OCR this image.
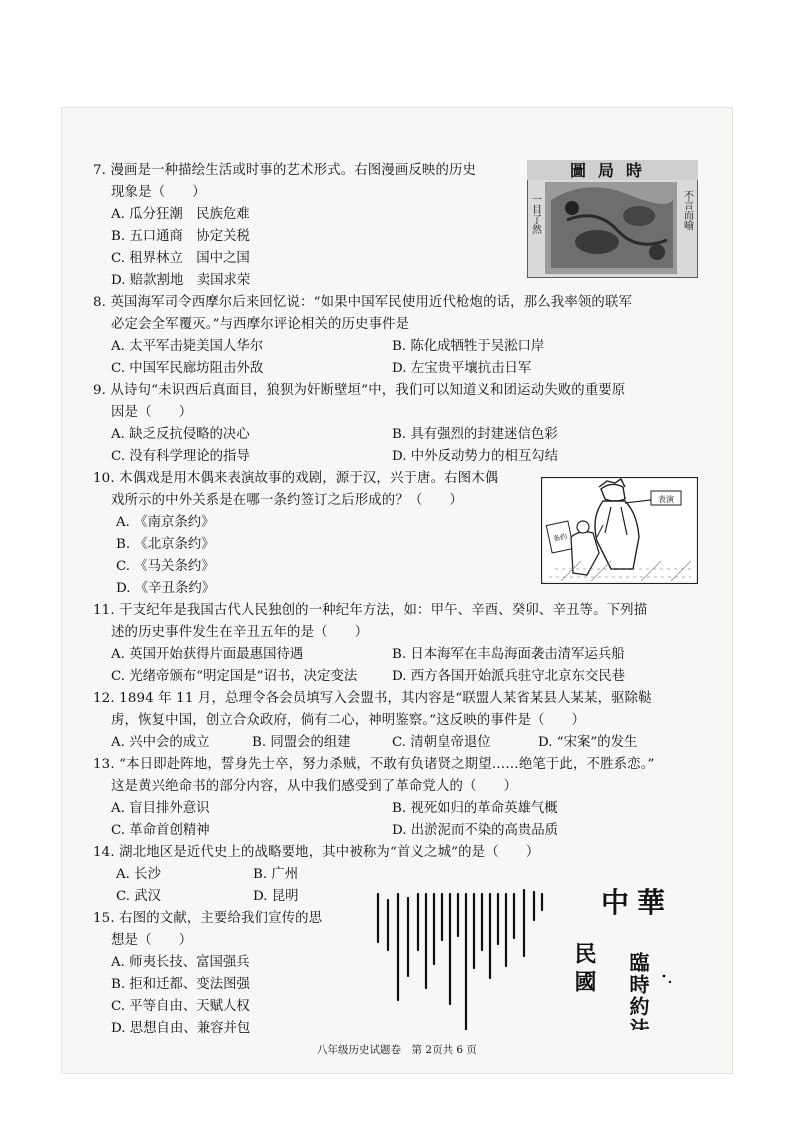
7. 漫画是一种描绘生活或时事的艺术形式。右图漫画反映的历史
现象是（　　）
A. 瓜分狂潮　民族危难
B. 五口通商　协定关税
C. 租界林立　国中之国
D. 赔款割地　卖国求荣
圖局時
不言而喻
一目了然
8. 英国海军司令西摩尔后来回忆说：“如果中国军民使用近代枪炮的话，那么我率领的联军
必定会全军覆灭。”与西摩尔评论相关的历史事件是
A. 太平军击毙美国人华尔	B. 陈化成牺牲于吴淞口岸
C. 中国军民廊坊阻击外敌	D. 左宝贵平壤抗击日军
9. 从诗句“未识西后真面目，狼狈为奸断壁垣”中，我们可以知道义和团运动失败的重要原
因是（　　）
A. 缺乏反抗侵略的决心	B. 具有强烈的封建迷信色彩
C. 没有科学理论的指导	D. 中外反动势力的相互勾结
10. 木偶戏是用木偶来表演故事的戏剧，源于汉，兴于唐。右图木偶
戏所示的中外关系是在哪一条约签订之后形成的？（　　）
A. 《南京条约》
B. 《北京条约》
C. 《马关条约》
D. 《辛丑条约》
表演
条约
11. 干支纪年是我国古代人民独创的一种纪年方法，如：甲午、辛酉、癸卯、辛丑等。下列描
述的历史事件发生在辛丑五年的是（　　）
A. 英国开始获得片面最惠国待遇	B. 日本海军在丰岛海面袭击清军运兵船
C. 光绪帝颁布“明定国是”诏书，决定变法	D. 西方各国开始派兵驻守北京东交民巷
12. 1894 年 11 月，总理令各会员填写入会盟书，其内容是“联盟人某省某县人某某，驱除鞑
虏，恢复中国，创立合众政府，倘有二心，神明鉴察。”这反映的事件是（　　）
A. 兴中会的成立	B. 同盟会的组建	C. 清朝皇帝退位	D. “宋案”的发生
13. “本日即赴阵地，誓身先士卒，努力杀贼，不敢有负诸贤之期望……绝笔于此，不胜系恋。”
这是黄兴绝命书的部分内容，从中我们感受到了革命党人的（　　）
A. 盲目排外意识	B. 视死如归的革命英雄气概
C. 革命首创精神	D. 出淤泥而不染的高贵品质
14. 湖北地区是近代史上的战略要地，其中被称为“首义之城”的是（　　）
A. 长沙	B. 广州
C. 武汉	D. 昆明
15. 右图的文献，主要给我们宣传的思
想是（　　）
A. 师夷长技、富国强兵
B. 拒和迁都、变法图强
C. 平等自由、天赋人权
D. 思想自由、兼容并包
中華
民國 臨時約法
八年级历史试题卷　第 2页共 6 页
